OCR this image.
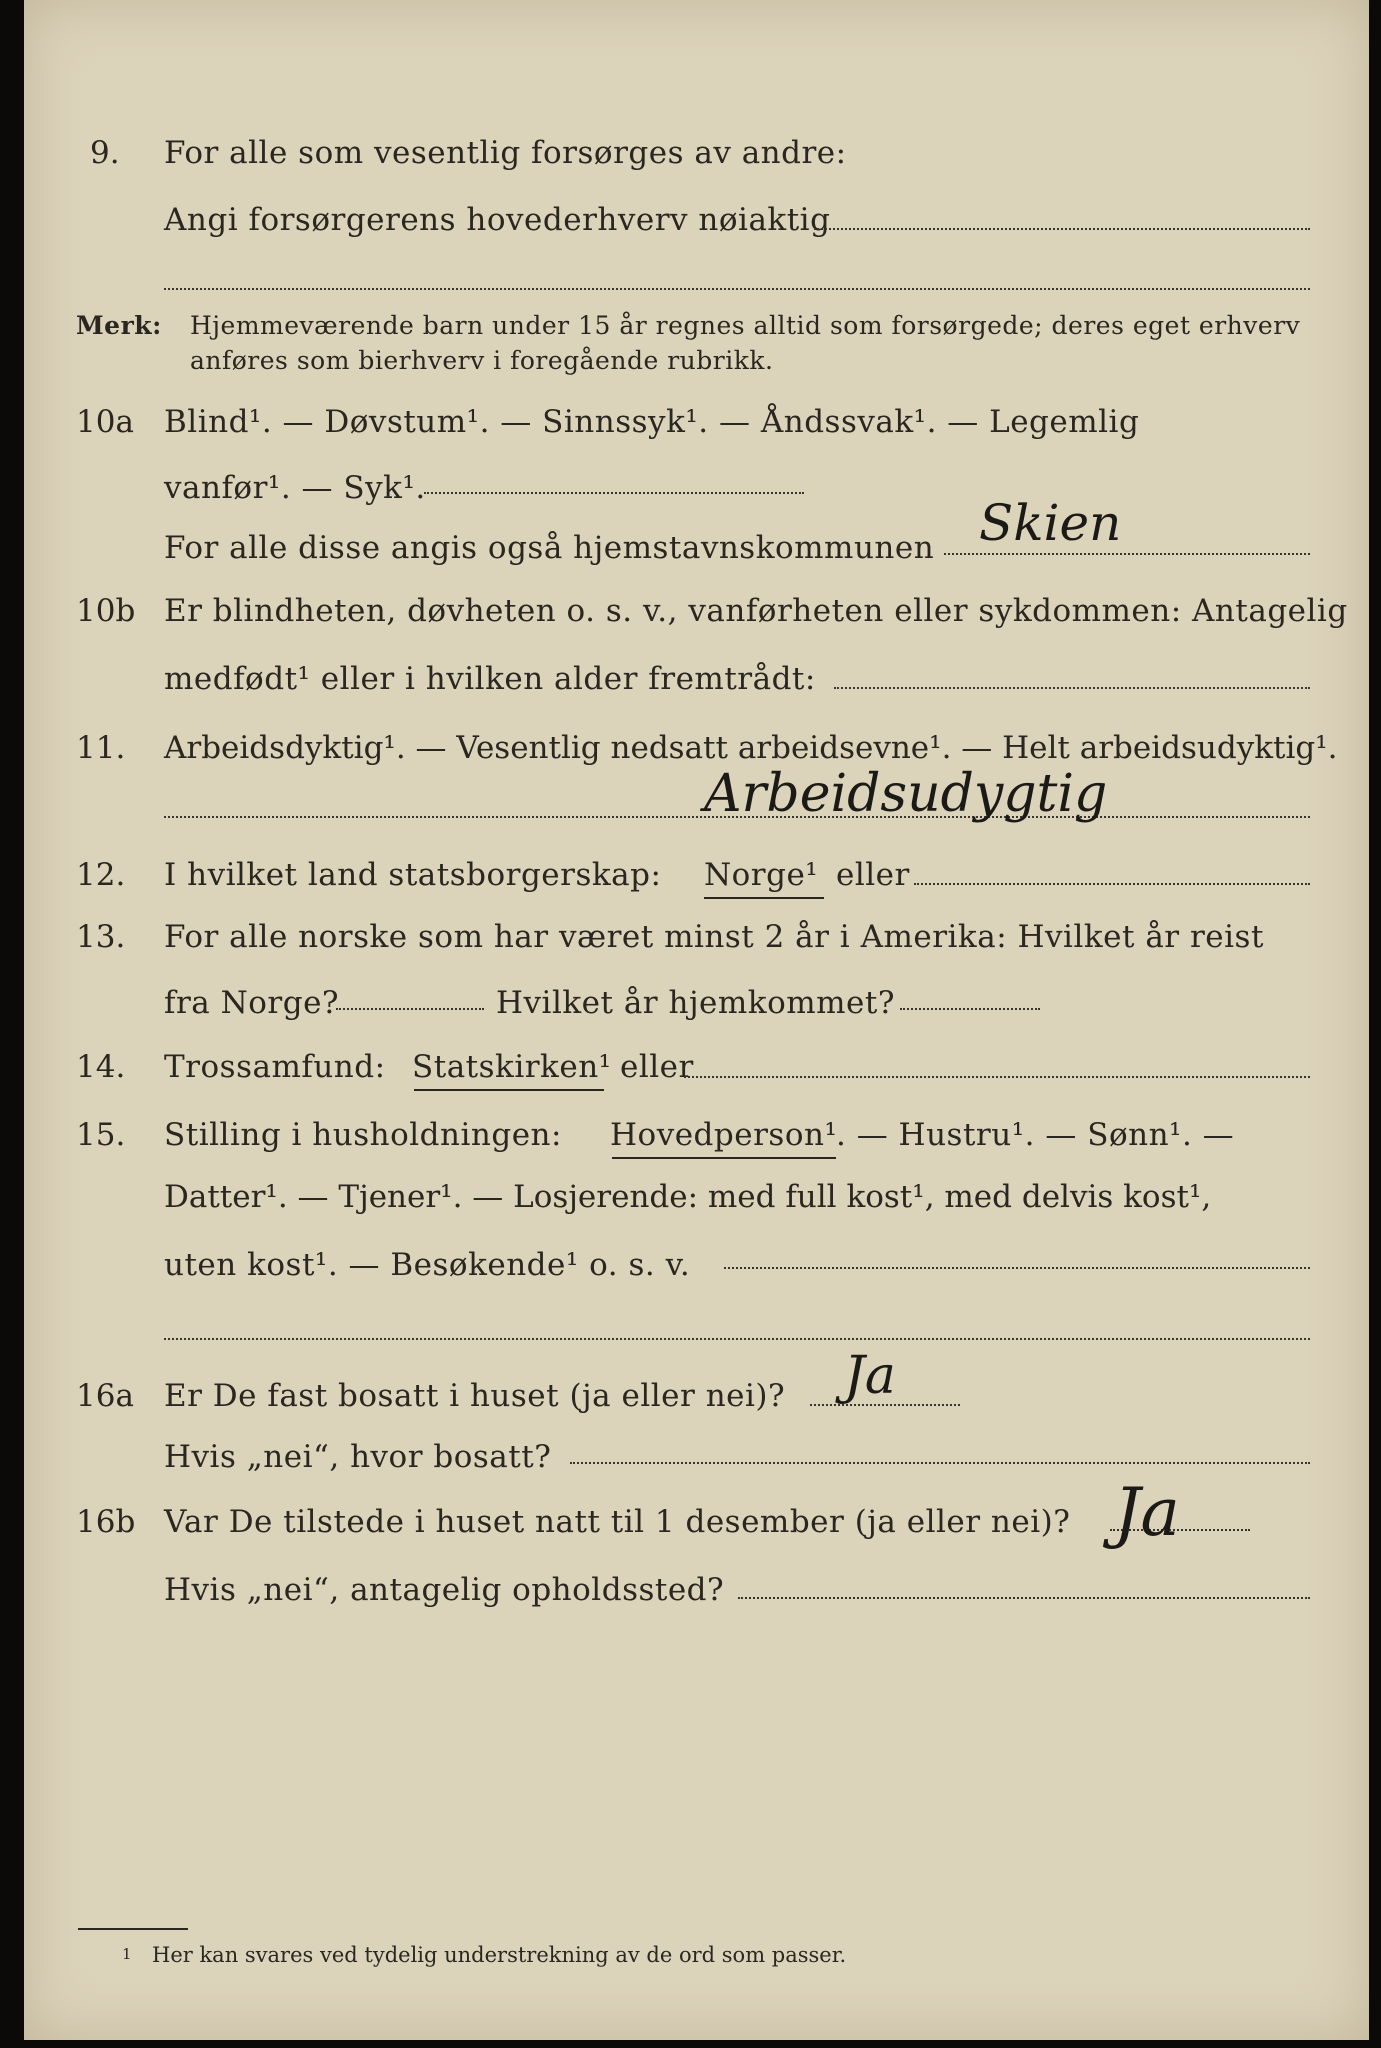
9. For alle som vesentlig forsørges av andre:
Angi forsørgerens hovederhverv nøiaktig
Merk: Hjemmeværende barn under 15 år regnes alltid som forsørgede; deres eget erhverv
anføres som bierhverv i foregående rubrikk.
10a Blind¹. — Døvstum¹. — Sinnssyk¹. — Åndssvak¹. — Legemlig
vanfør¹. — Syk¹.
For alle disse angis også hjemstavnskommunen Skien
10b Er blindheten, døvheten o. s. v., vanførheten eller sykdommen: Antagelig
medfødt¹ eller i hvilken alder fremtrådt:
11. Arbeidsdyktig¹. — Vesentlig nedsatt arbeidsevne¹. — Helt arbeidsudyktig¹.
Arbeidsudygtig
12. I hvilket land statsborgerskap: Norge¹ eller
13. For alle norske som har været minst 2 år i Amerika: Hvilket år reist
fra Norge?	Hvilket år hjemkommet?
14. Trossamfund: Statskirken¹ eller
15. Stilling i husholdningen: Hovedperson¹
. — Hustru¹. — Sønn¹. —
Datter¹. — Tjener¹. — Losjerende: med full kost¹, med delvis kost¹,
uten kost¹. — Besøkende¹ o. s. v.
16a Er De fast bosatt i huset (ja eller nei)? Ja
Hvis „nei“, hvor bosatt?
16b Var De tilstede i huset natt til 1 desember (ja eller nei)? Ja
Hvis „nei“, antagelig opholdssted?
1 Her kan svares ved tydelig understrekning av de ord som passer.
